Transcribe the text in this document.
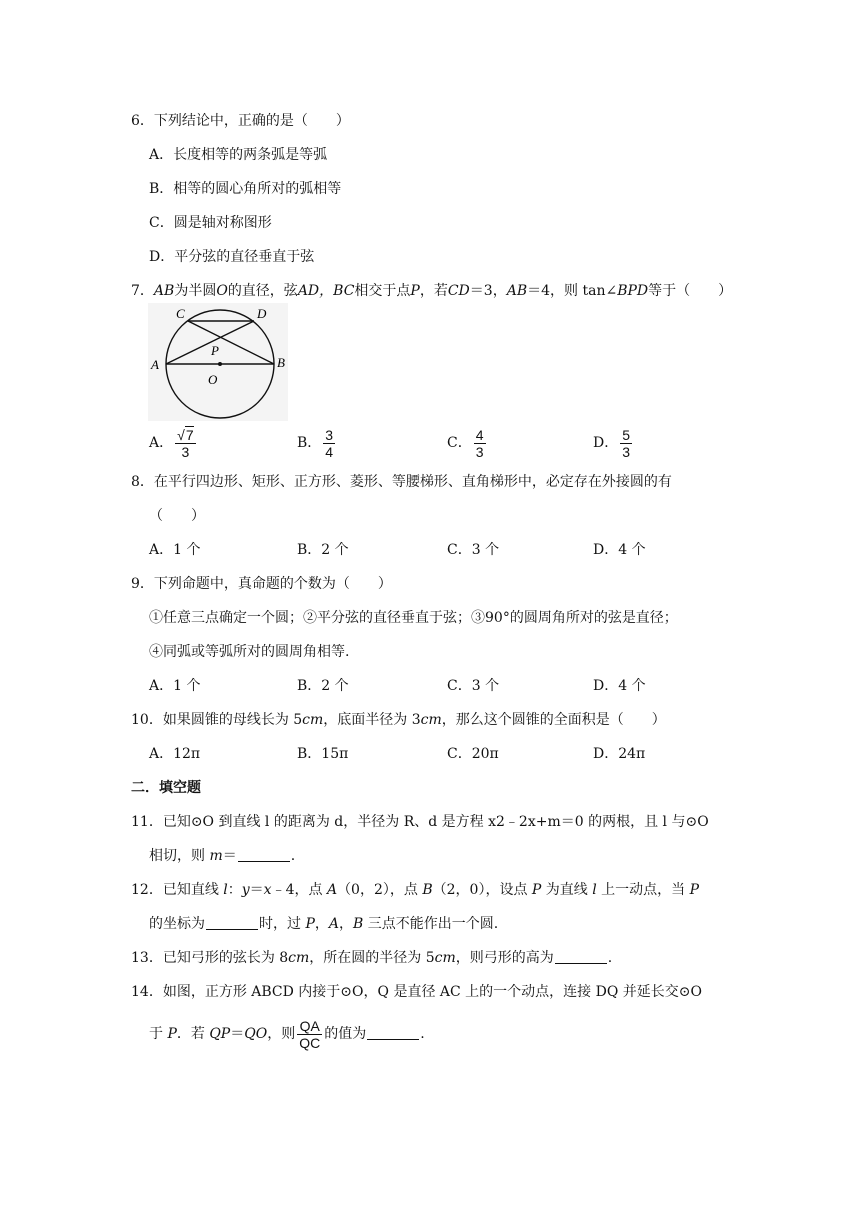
6．下列结论中，正确的是（　　）
A．长度相等的两条弧是等弧
B．相等的圆心角所对的弧相等
C．圆是轴对称图形
D．平分弦的直径垂直于弦
7．AB为半圆O的直径，弦AD，BC相交于点P，若CD＝3，AB＝4，则 tan∠BPD等于（　　）
C	D
A	B
P
O
A． $\frac{√7}{3}$	B． $\frac{3}{4}$	C． $\frac{4}{3}$	D． $\frac{5}{3}$
8．在平行四边形、矩形、正方形、菱形、等腰梯形、直角梯形中，必定存在外接圆的有
（　　）
A．1 个	B．2 个	C．3 个	D．4 个
9．下列命题中，真命题的个数为（　　）
①任意三点确定一个圆；②平分弦的直径垂直于弦；③90°的圆周角所对的弦是直径；
④同弧或等弧所对的圆周角相等.
A．1 个	B．2 个	C．3 个	D．4 个
10．如果圆锥的母线长为 5cm，底面半径为 3cm，那么这个圆锥的全面积是（　　）
A．12π	B．15π	C．20π	D．24π
二．填空题
11．已知⊙O 到直线 l 的距离为 d，半径为 R、d 是方程 x2﹣2x+m＝0 的两根，且 l 与⊙O
相切，则 m＝	.
12．已知直线 l：y＝x﹣4，点 A（0，2），点 B（2，0），设点 P 为直线 l 上一动点，当 P
的坐标为	时，过 P，A，B 三点不能作出一个圆.
13．已知弓形的弦长为 8cm，所在圆的半径为 5cm，则弓形的高为	.
14．如图，正方形 ABCD 内接于⊙O，Q 是直径 AC 上的一个动点，连接 DQ 并延长交⊙O
于 P．若 QP＝QO，则 $\frac{QA}{QC}$ 的值为	.
